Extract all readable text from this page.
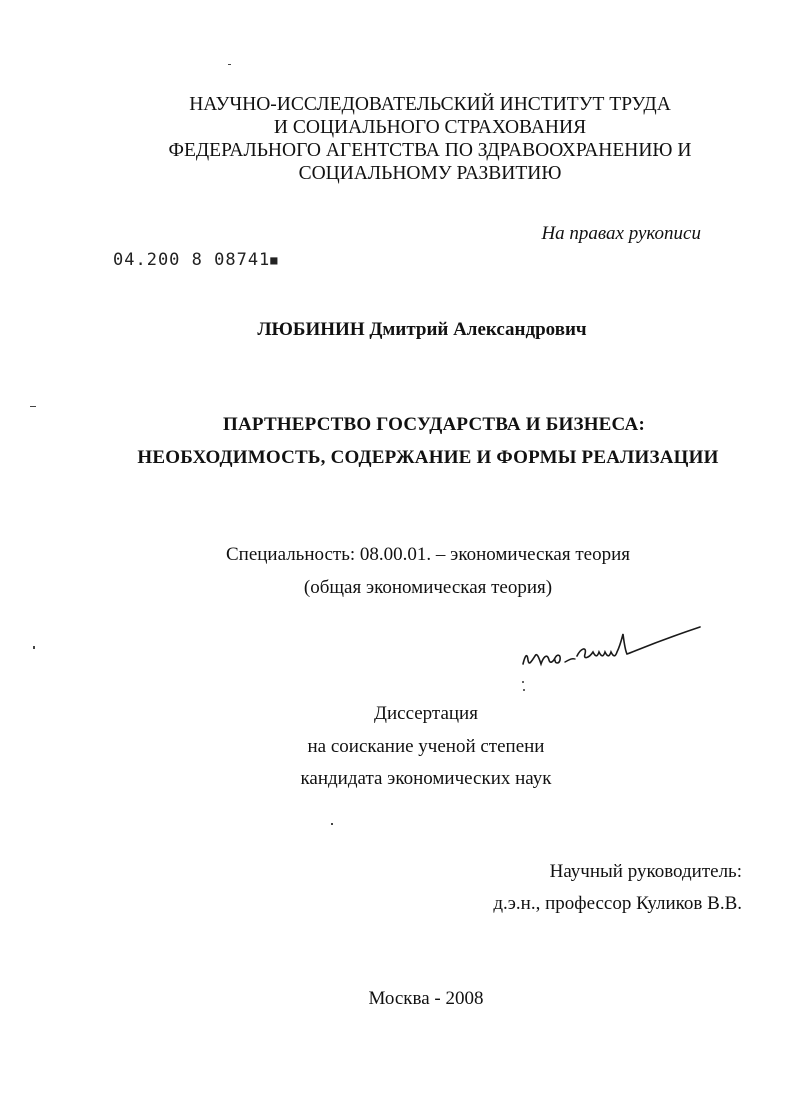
НАУЧНО-ИССЛЕДОВАТЕЛЬСКИЙ ИНСТИТУТ ТРУДА
И СОЦИАЛЬНОГО СТРАХОВАНИЯ
ФЕДЕРАЛЬНОГО АГЕНТСТВА ПО ЗДРАВООХРАНЕНИЮ И
СОЦИАЛЬНОМУ РАЗВИТИЮ
На правах рукописи
04.200 8 08741■
ЛЮБИНИН Дмитрий Александрович
ПАРТНЕРСТВО ГОСУДАРСТВА И БИЗНЕСА:
НЕОБХОДИМОСТЬ, СОДЕРЖАНИЕ И ФОРМЫ РЕАЛИЗАЦИИ
Специальность: 08.00.01. – экономическая теория
(общая экономическая теория)
Диссертация
на соискание ученой степени
кандидата экономических наук
Научный руководитель:
д.э.н., профессор Куликов В.В.
Москва - 2008
